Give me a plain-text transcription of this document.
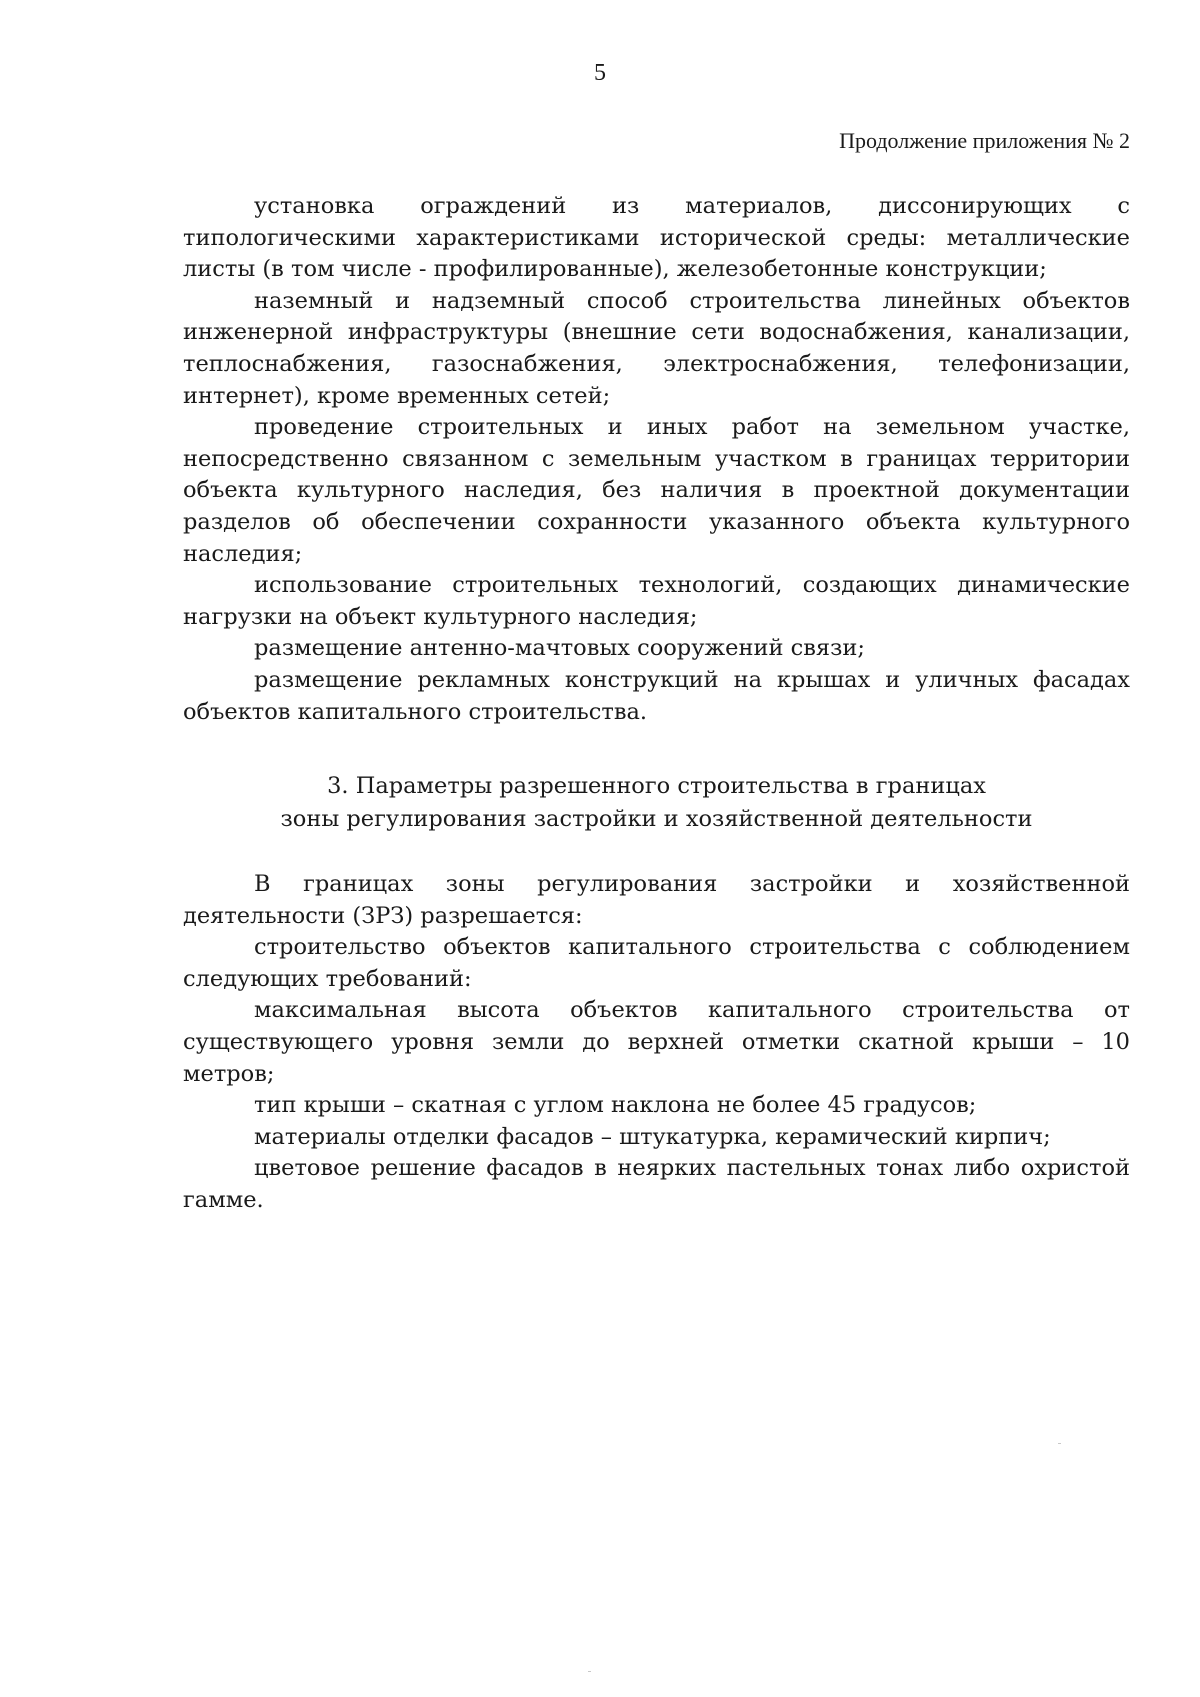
5
Продолжение приложения № 2

установка ограждений из материалов, диссонирующих с типологическими характеристиками исторической среды: металлические листы (в том числе - профилированные), железобетонные конструкции;

наземный и надземный способ строительства линейных объектов инженерной инфраструктуры (внешние сети водоснабжения, канализации, теплоснабжения, газоснабжения, электроснабжения, телефонизации, интернет), кроме временных сетей;

проведение строительных и иных работ на земельном участке, непосредственно связанном с земельным участком в границах территории объекта культурного наследия, без наличия в проектной документации разделов об обеспечении сохранности указанного объекта культурного наследия;

использование строительных технологий, создающих динамические нагрузки на объект культурного наследия;

размещение антенно-мачтовых сооружений связи;

размещение рекламных конструкций на крышах и уличных фасадах объектов капитального строительства.

3. Параметры разрешенного строительства в границах
зоны регулирования застройки и хозяйственной деятельности

В границах зоны регулирования застройки и хозяйственной деятельности (ЗРЗ) разрешается:

строительство объектов капитального строительства с соблюдением следующих требований:

максимальная высота объектов капитального строительства от существующего уровня земли до верхней отметки скатной крыши – 10 метров;

тип крыши – скатная с углом наклона не более 45 градусов;

материалы отделки фасадов – штукатурка, керамический кирпич;

цветовое решение фасадов в неярких пастельных тонах либо охристой гамме.
